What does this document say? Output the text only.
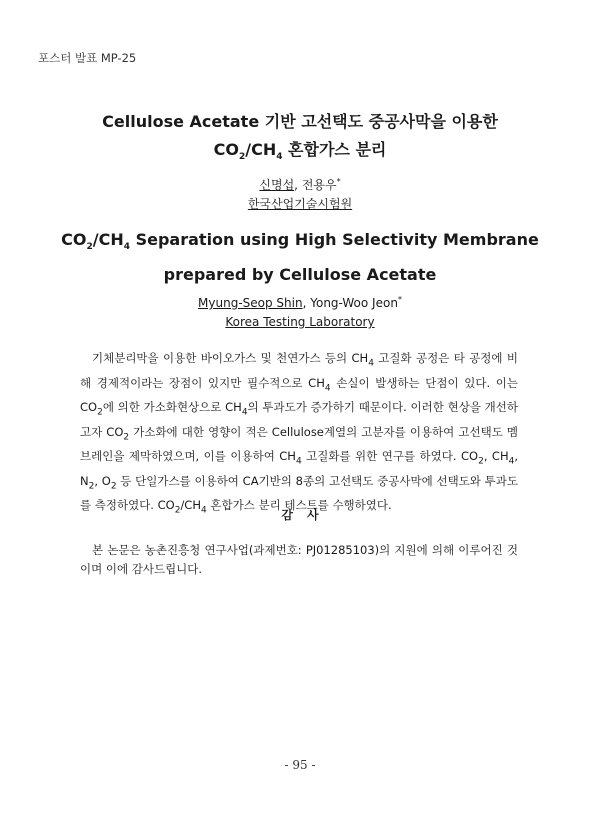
포스터 발표 MP-25
Cellulose Acetate 기반 고선택도 중공사막을 이용한
$CO_2/CH_4$ 혼합가스 분리
신명섭, 전용우*
한국산업기술시험원
$CO_2/CH_4$ Separation using High Selectivity Membrane
prepared by Cellulose Acetate
Myung-Seop Shin, Yong-Woo Jeon*
Korea Testing Laboratory

기체분리막을 이용한 바이오가스 및 천연가스 등의 $CH_4$ 고질화 공정은 타 공정에 비해 경제적이라는 장점이 있지만 필수적으로 $CH_4$ 손실이 발생하는 단점이 있다. 이는 $CO_2$에 의한 가소화현상으로 $CH_4$의 투과도가 증가하기 때문이다. 이러한 현상을 개선하고자 $CO_2$ 가소화에 대한 영향이 적은 Cellulose계열의 고분자를 이용하여 고선택도 멤브레인을 제막하였으며, 이를 이용하여 $CH_4$ 고질화를 위한 연구를 하였다. $CO_2$, $CH_4$, $N_2$, $O_2$ 등 단일가스를 이용하여 CA기반의 8종의 고선택도 중공사막에 선택도와 투과도를 측정하였다. $CO_2/CH_4$ 혼합가스 분리 테스트를 수행하였다.

감사

본 논문은 농촌진흥청 연구사업(과제번호: PJ01285103)의 지원에 의해 이루어진 것이며 이에 감사드립니다.

- 95 -
